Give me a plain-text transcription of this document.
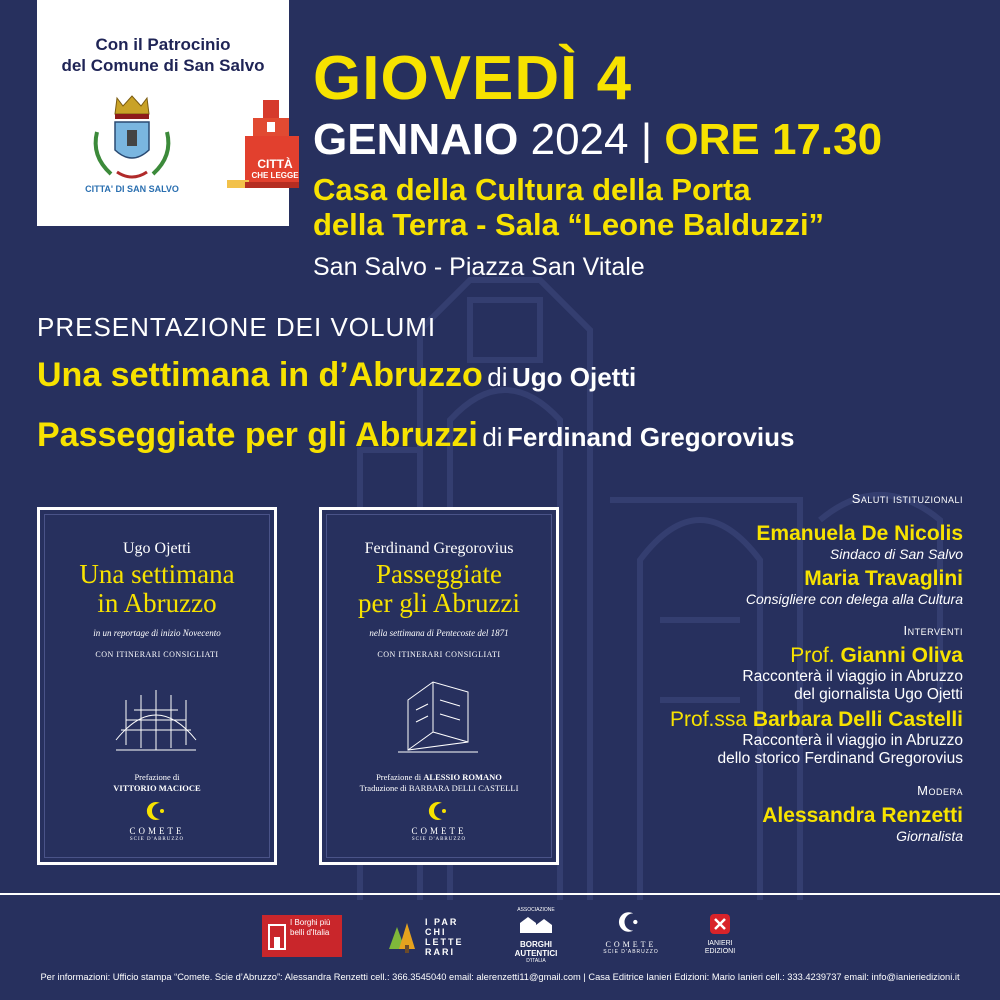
Con il Patrocinio
del Comune di San Salvo
CITTA' DI SAN SALVO
CITTÀ
CHE LEGGE
GIOVEDÌ 4
GENNAIO 2024 | ORE 17.30
Casa della Cultura della Porta
della Terra - Sala “Leone Balduzzi”
San Salvo - Piazza San Vitale
PRESENTAZIONE DEI VOLUMI
Una settimana in d’Abruzzo di Ugo Ojetti
Passeggiate per gli Abruzzi di Ferdinand Gregorovius
Ugo Ojetti
Una settimana
in Abruzzo
in un reportage di inizio Novecento
CON ITINERARI CONSIGLIATI
Prefazione di
VITTORIO MACIOCE
COMETE
SCIE D'ABRUZZO
Ferdinand Gregorovius
Passeggiate
per gli Abruzzi
nella settimana di Pentecoste del 1871
CON ITINERARI CONSIGLIATI
Prefazione di ALESSIO ROMANO
Traduzione di BARBARA DELLI CASTELLI
COMETE
SCIE D'ABRUZZO
Saluti istituzionali
Emanuela De Nicolis
Sindaco di San Salvo
Maria Travaglini
Consigliere con delega alla Cultura
Interventi
Prof. Gianni Oliva
Racconterà il viaggio in Abruzzo
del giornalista Ugo Ojetti
Prof.ssa Barbara Delli Castelli
Racconterà il viaggio in Abruzzo
dello storico Ferdinand Gregorovius
Modera
Alessandra Renzetti
Giornalista
I Borghi più belli d'Italia
I PAR CHI LETTE RARI
ASSOCIAZIONE
BORGHI AUTENTICI
D'ITALIA
COMETE
SCIE D'ABRUZZO
IANIERI EDIZIONI
Per informazioni: Ufficio stampa “Comete. Scie d’Abruzzo”: Alessandra Renzetti cell.: 366.3545040 email: alerenzetti11@gmail.com | Casa Editrice Ianieri Edizioni: Mario Ianieri cell.: 333.4239737 email: info@ianieriedizioni.it
